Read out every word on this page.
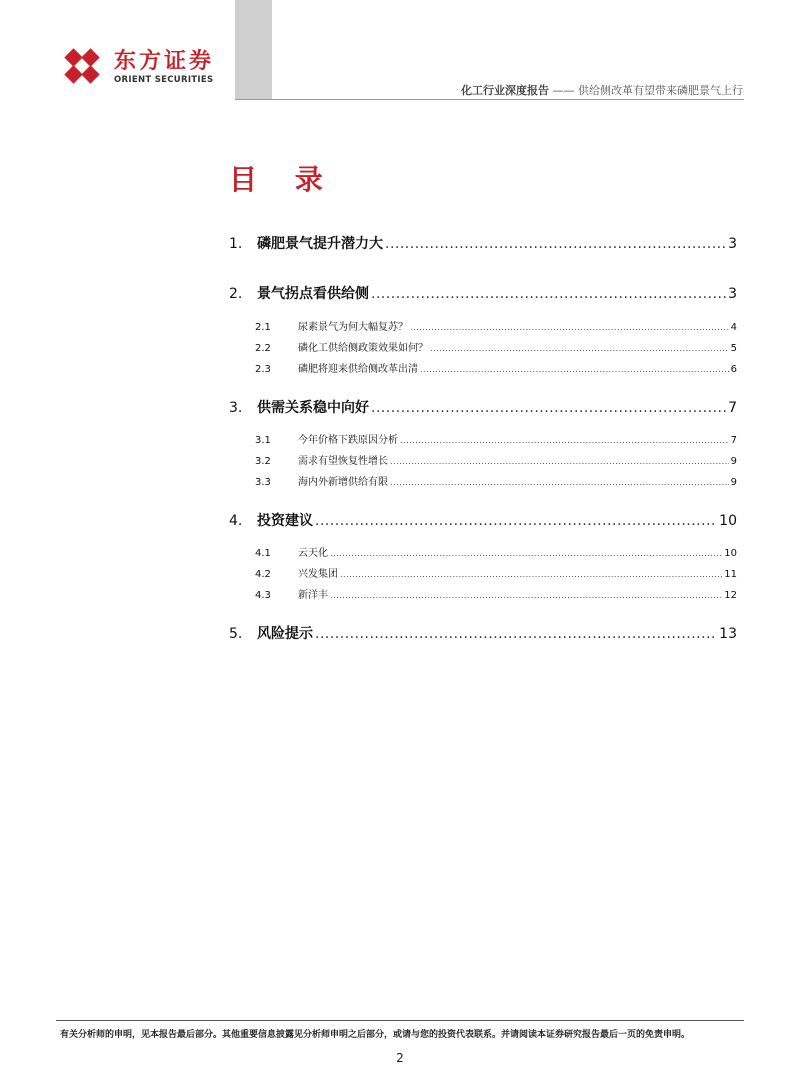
东方证券
ORIENT SECURITIES
化工行业深度报告 —— 供给侧改革有望带来磷肥景气上行
目 录
1.	磷肥景气提升潜力大 .....	3
2.	景气拐点看供给侧 .....	3
2.1	尿素景气为何大幅复苏？ .....	4
2.2	磷化工供给侧政策效果如何？ .....	5
2.3	磷肥将迎来供给侧改革出清 .....	6
3.	供需关系稳中向好 .....	7
3.1	今年价格下跌原因分析 .....	7
3.2	需求有望恢复性增长 .....	9
3.3	海内外新增供给有限 .....	9
4.	投资建议 .....	10
4.1	云天化 .....	10
4.2	兴发集团 .....	11
4.3	新洋丰 .....	12
5.	风险提示 .....	13
有关分析师的申明，见本报告最后部分。其他重要信息披露见分析师申明之后部分，或请与您的投资代表联系。并请阅读本证券研究报告最后一页的免责申明。
2
